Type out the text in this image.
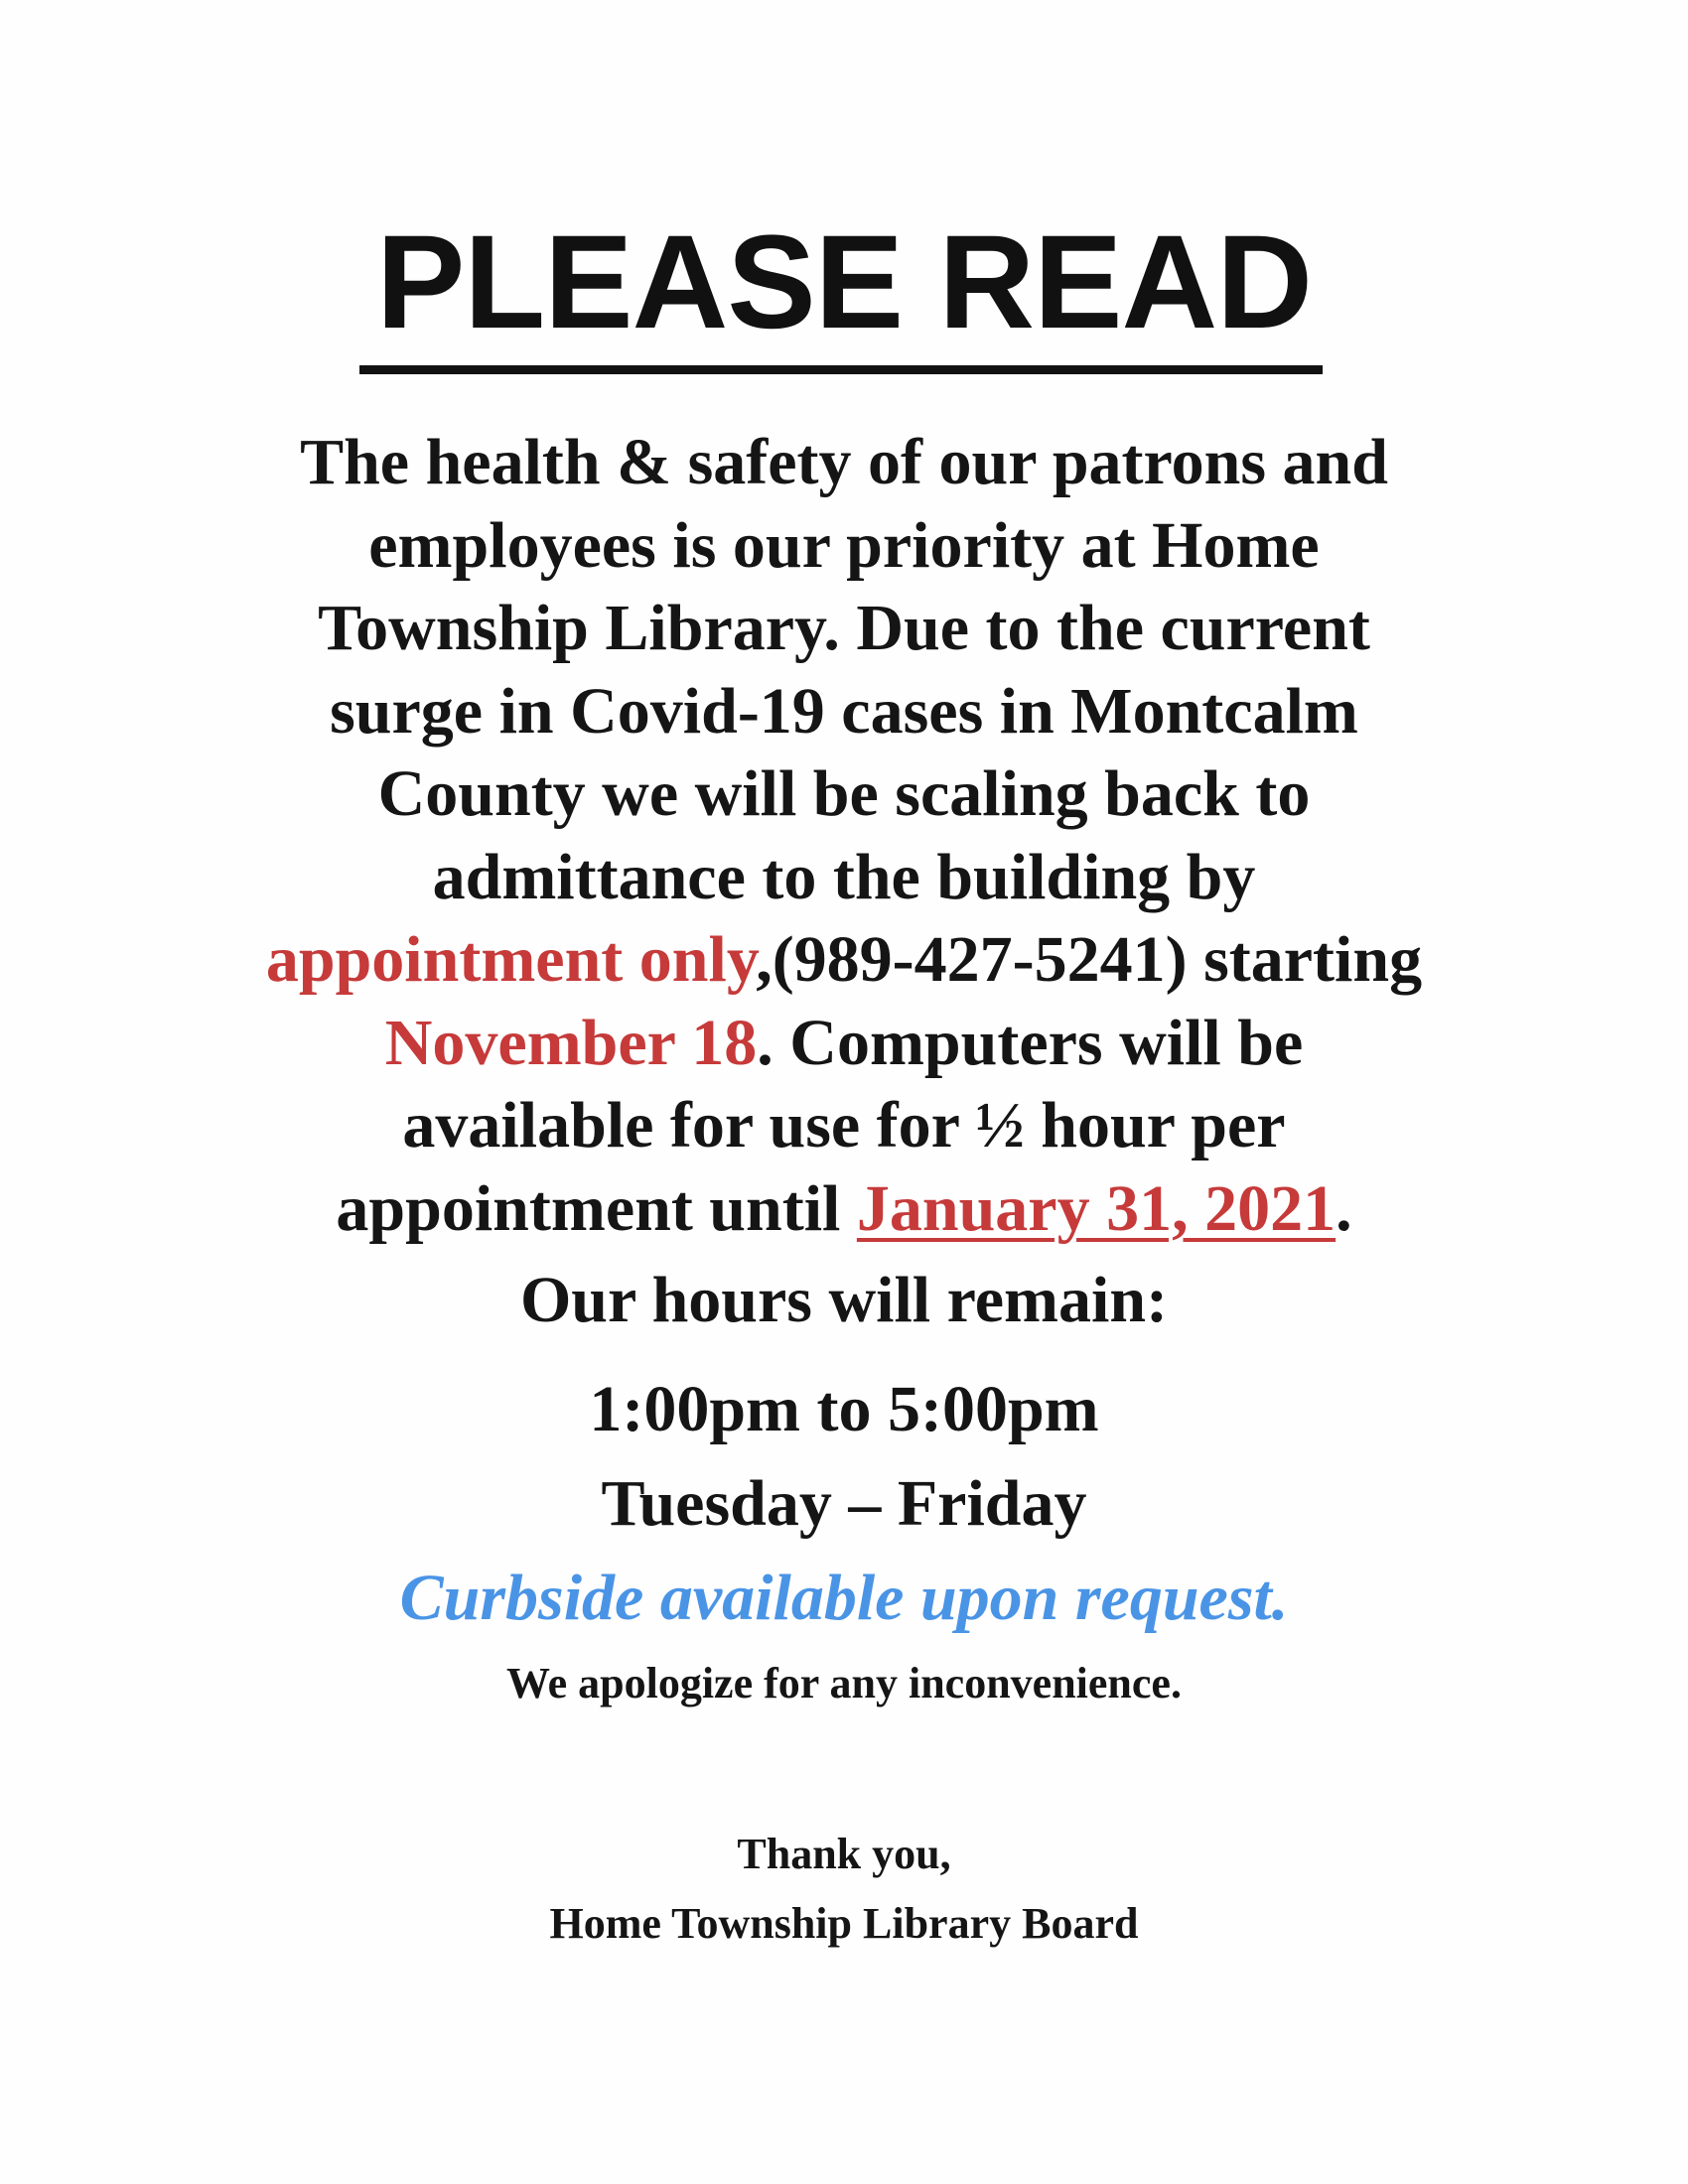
PLEASE READ
The health & safety of our patrons and
employees is our priority at Home
Township Library. Due to the current
surge in Covid-19 cases in Montcalm
County we will be scaling back to
admittance to the building by
appointment only,(989-427-5241) starting
November 18. Computers will be
available for use for ½ hour per
appointment until January 31, 2021.
Our hours will remain:
1:00pm to 5:00pm
Tuesday – Friday
Curbside available upon request.
We apologize for any inconvenience.
Thank you,
Home Township Library Board
